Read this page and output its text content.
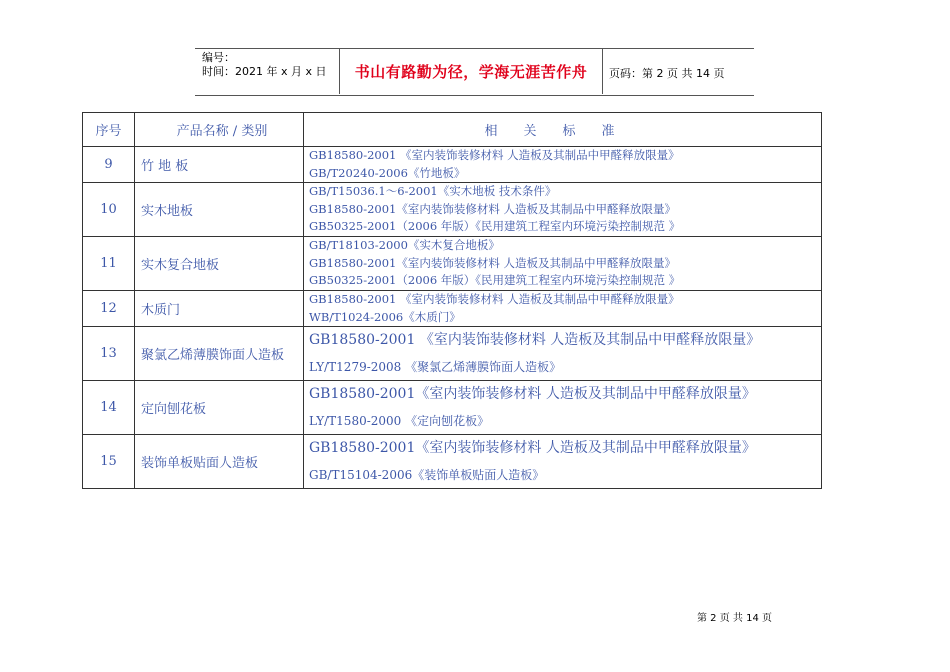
编号：
时间：2021 年 x 月 x 日 书山有路勤为径，学海无涯苦作舟 页码：第 2 页 共 14 页
序号	产品名称 / 类别	相关标准
9	竹 地 板	GB18580-2001 《室内装饰装修材料 人造板及其制品中甲醛释放限量》
GB/T20240-2006《竹地板》

10	实木地板	GB/T15036.1～6-2001《实木地板 技术条件》
GB18580-2001《室内装饰装修材料 人造板及其制品中甲醛释放限量》
GB50325-2001（2006 年版）《民用建筑工程室内环境污染控制规范 》

11	实木复合地板	GB/T18103-2000《实木复合地板》
GB18580-2001《室内装饰装修材料 人造板及其制品中甲醛释放限量》
GB50325-2001（2006 年版）《民用建筑工程室内环境污染控制规范 》

12	木质门	GB18580-2001 《室内装饰装修材料 人造板及其制品中甲醛释放限量》
WB/T1024-2006《木质门》

13	聚氯乙烯薄膜饰面人造板	GB18580-2001 《室内装饰装修材料 人造板及其制品中甲醛释放限量》
LY/T1279-2008 《聚氯乙烯薄膜饰面人造板》

14	定向刨花板	GB18580-2001《室内装饰装修材料 人造板及其制品中甲醛释放限量》
LY/T1580-2000 《定向刨花板》

15	装饰单板贴面人造板	GB18580-2001《室内装饰装修材料 人造板及其制品中甲醛释放限量》
GB/T15104-2006《装饰单板贴面人造板》
第 2 页 共 14 页
